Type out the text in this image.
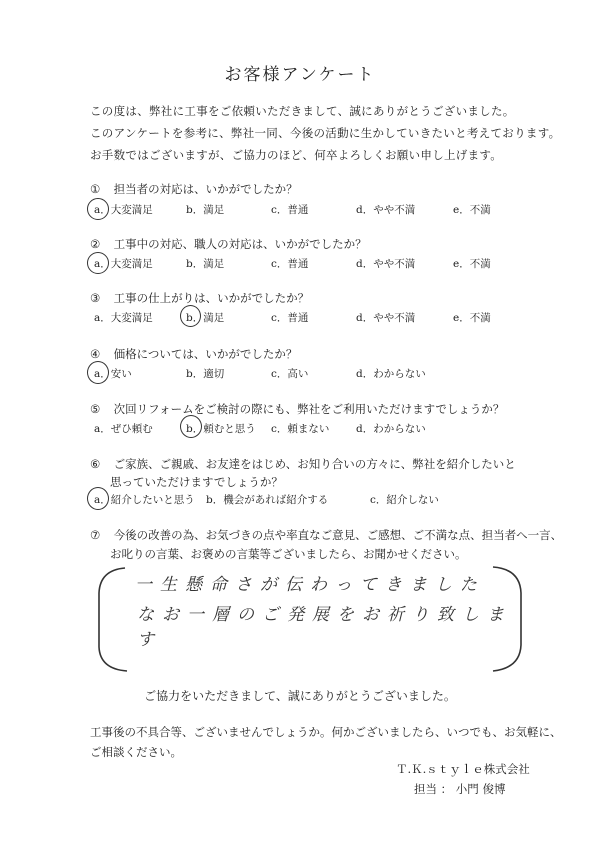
お客様アンケート
この度は、弊社に工事をご依頼いただきまして、誠にありがとうございました。
このアンケートを参考に、弊社一同、今後の活動に生かしていきたいと考えております。
お手数ではございますが、ご協力のほど、何卒よろしくお願い申し上げます。
① 担当者の対応は、いかがでしたか？
a．大変満足	b．満足	c．普通	d．やや不満	e．不満
② 工事中の対応、職人の対応は、いかがでしたか？
a．大変満足	b．満足	c．普通	d．やや不満	e．不満
③ 工事の仕上がりは、いかがでしたか？
a．大変満足	b．満足	c．普通	d．やや不満	e．不満
④ 価格については、いかがでしたか？
a．安い	b．適切	c．高い	d．わからない
⑤ 次回リフォームをご検討の際にも、弊社をご利用いただけますでしょうか？
a．ぜひ頼む	b．頼むと思う c．頼まない	d．わからない
⑥ ご家族、ご親戚、お友達をはじめ、お知り合いの方々に、弊社を紹介したいと
思っていただけますでしょうか？
a．紹介したいと思う b．機会があれば紹介する	c．紹介しない
⑦ 今後の改善の為、お気づきの点や率直なご意見、ご感想、ご不満な点、担当者へ一言、
お叱りの言葉、お褒めの言葉等ございましたら、お聞かせください。
一生懸命さが伝わってきました
なお一層のご発展をお祈り致します
ご協力をいただきまして、誠にありがとうございました。
工事後の不具合等、ございませんでしょうか。何かございましたら、いつでも、お気軽に、
ご相談ください。
Ｔ.Ｋ.ｓｔｙｌｅ株式会社
担当 ： 小門 俊博
